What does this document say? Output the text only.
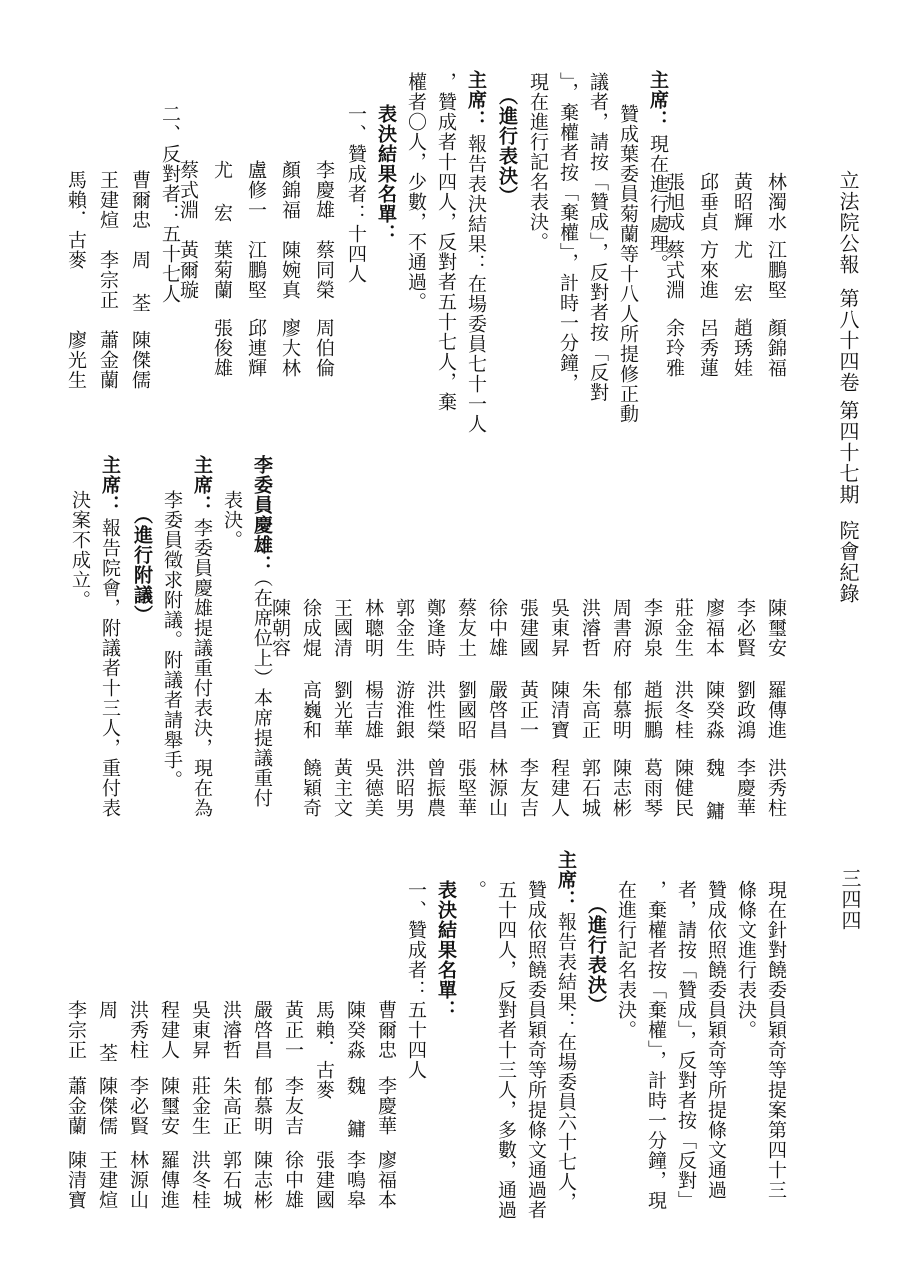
立法院公報
第八十四卷
第四十七期
院會紀錄
三四四
林濁水
江鵬堅
顏錦福
黃昭輝
尤 宏
趙琇娃
邱垂貞
方來進
呂秀蓮
張旭成
蔡式淵
余玲雅
主席：
現在進行處理。
贊成葉委員菊蘭等十八人所提修正動
議者，請按「贊成」，反對者按「反對
」，棄權者按「棄權」，計時一分鐘，
現在進行記名表決。
（進行表決）
主席：
報告表決結果：在場委員七十一人
，贊成者十四人，反對者五十七人，棄
權者〇人，少數，不通過。
表決結果名單：
一、贊成者：十四人
李慶雄
蔡同榮
周伯倫
顏錦福
陳婉真
廖大林
盧修一
江鵬堅
邱連輝
尤 宏
葉菊蘭
張俊雄
蔡式淵
黃爾璇
二、反對者：五十七人
曹爾忠
周 荃
陳傑儒
王建煊
李宗正
蕭金蘭
馬賴．古麥
廖光生
陳璽安
羅傳進
洪秀柱
李必賢
劉政鴻
李慶華
廖福本
陳癸淼
魏 鏞
莊金生
洪冬桂
陳健民
李源泉
趙振鵬
葛雨琴
周書府
郁慕明
陳志彬
洪濬哲
朱高正
郭石城
吳東昇
陳清寶
程建人
張建國
黃正一
李友吉
徐中雄
嚴啓昌
林源山
蔡友土
劉國昭
張堅華
鄭逢時
洪性榮
曾振農
郭金生
游淮銀
洪昭男
林聰明
楊吉雄
吳德美
王國清
劉光華
黃主文
徐成焜
高巍和
饒穎奇
陳朝容
李委員慶雄：
（在席位上）本席提議重付
表決。
主席：
李委員慶雄提議重付表決，現在為
李委員徵求附議。附議者請舉手。
（進行附議）
主席：
報告院會，附議者十三人，重付表
決案不成立。
現在針對饒委員穎奇等提案第四十三
條條文進行表決。
贊成依照饒委員穎奇等所提條文通過
者，請按「贊成」，反對者按「反對」
，棄權者按「棄權」，計時一分鐘，現
在進行記名表決。
（進行表決）
主席：
報告表結果：在場委員六十七人，
贊成依照饒委員穎奇等所提條文通過者
五十四人，反對者十三人，多數，通過
。
表決結果名單：
一、贊成者：五十四人
曹爾忠
李慶華
廖福本
陳癸淼
魏 鏞
李鳴皋
馬賴．古麥
張建國
黃正一
李友吉
徐中雄
嚴啓昌
郁慕明
陳志彬
洪濬哲
朱高正
郭石城
吳東昇
莊金生
洪冬桂
程建人
陳璽安
羅傳進
洪秀柱
李必賢
林源山
周 荃
陳傑儒
王建煊
李宗正
蕭金蘭
陳清寶
